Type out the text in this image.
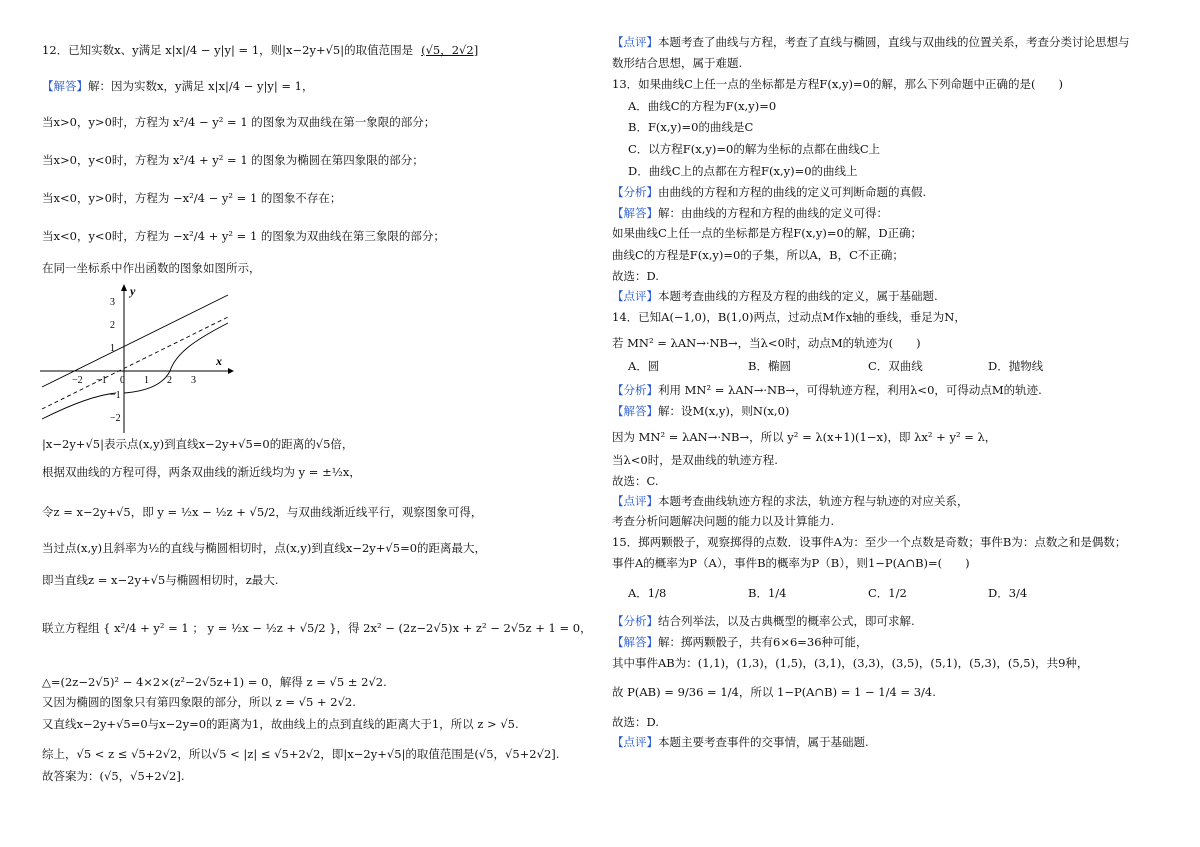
12．已知实数x、y满足 x|x|/4 − y|y| = 1，则|x−2y+√5|的取值范围是 (√5，2√2]
【解答】解：因为实数x，y满足 x|x|/4 − y|y| = 1，
当x>0，y>0时，方程为 x²/4 − y² = 1 的图象为双曲线在第一象限的部分；
当x>0，y<0时，方程为 x²/4 + y² = 1 的图象为椭圆在第四象限的部分；
当x<0，y>0时，方程为 −x²/4 − y² = 1 的图象不存在；
当x<0，y<0时，方程为 −x²/4 + y² = 1 的图象为双曲线在第三象限的部分；
在同一坐标系中作出函数的图象如图所示，
|x−2y+√5|表示点(x,y)到直线x−2y+√5=0的距离的√5倍，
根据双曲线的方程可得，两条双曲线的渐近线均为 y = ±½x，
令z = x−2y+√5，即 y = ½x − ½z + √5/2，与双曲线渐近线平行，观察图象可得，
当过点(x,y)且斜率为½的直线与椭圆相切时，点(x,y)到直线x−2y+√5=0的距离最大，
即当直线z = x−2y+√5与椭圆相切时，z最大.
联立方程组 { x²/4 + y² = 1 ； y = ½x − ½z + √5/2 }，得 2x² − (2z−2√5)x + z² − 2√5z + 1 = 0，
△=(2z−2√5)² − 4×2×(z²−2√5z+1) = 0，解得 z = √5 ± 2√2.
又因为椭圆的图象只有第四象限的部分，所以 z = √5 + 2√2.
又直线x−2y+√5=0与x−2y=0的距离为1，故曲线上的点到直线的距离大于1，所以 z > √5.
综上，√5 < z ≤ √5+2√2，所以√5 < |z| ≤ √5+2√2，即|x−2y+√5|的取值范围是(√5，√5+2√2].
故答案为：(√5，√5+2√2].
【点评】本题考查了曲线与方程，考查了直线与椭圆，直线与双曲线的位置关系，考查分类讨论思想与
数形结合思想，属于难题.
13．如果曲线C上任一点的坐标都是方程F(x,y)=0的解，那么下列命题中正确的是(　　)
A．曲线C的方程为F(x,y)=0
B．F(x,y)=0的曲线是C
C．以方程F(x,y)=0的解为坐标的点都在曲线C上
D．曲线C上的点都在方程F(x,y)=0的曲线上
【分析】由曲线的方程和方程的曲线的定义可判断命题的真假.
【解答】解：由曲线的方程和方程的曲线的定义可得：
如果曲线C上任一点的坐标都是方程F(x,y)=0的解，D正确；
曲线C的方程是F(x,y)=0的子集，所以A，B，C不正确；
故选：D.
【点评】本题考查曲线的方程及方程的曲线的定义，属于基础题.
14．已知A(−1,0)，B(1,0)两点，过动点M作x轴的垂线，垂足为N，
若 MN² = λAN→·NB→，当λ<0时，动点M的轨迹为(　　)
A．圆	B．椭圆	C．双曲线	D．抛物线
【分析】利用 MN² = λAN→·NB→，可得轨迹方程，利用λ<0，可得动点M的轨迹.
【解答】解：设M(x,y)，则N(x,0)
因为 MN² = λAN→·NB→，所以 y² = λ(x+1)(1−x)，即 λx² + y² = λ，
当λ<0时，是双曲线的轨迹方程.
故选：C.
【点评】本题考查曲线轨迹方程的求法，轨迹方程与轨迹的对应关系，
考查分析问题解决问题的能力以及计算能力.
15．掷两颗骰子，观察掷得的点数．设事件A为：至少一个点数是奇数；事件B为：点数之和是偶数；
事件A的概率为P（A），事件B的概率为P（B），则1−P(A∩B)=(　　)
A．1/8	B．1/4	C．1/2	D．3/4
【分析】结合列举法，以及古典概型的概率公式，即可求解.
【解答】解：掷两颗骰子，共有6×6=36种可能，
其中事件AB为：(1,1)，(1,3)，(1,5)，(3,1)，(3,3)，(3,5)，(5,1)，(5,3)，(5,5)，共9种，
故 P(AB) = 9/36 = 1/4，所以 1−P(A∩B) = 1 − 1/4 = 3/4.
故选：D.
【点评】本题主要考查事件的交事情，属于基础题.
−2 −1 0 1 2 3
3
2
1
−1
−2
x
y
